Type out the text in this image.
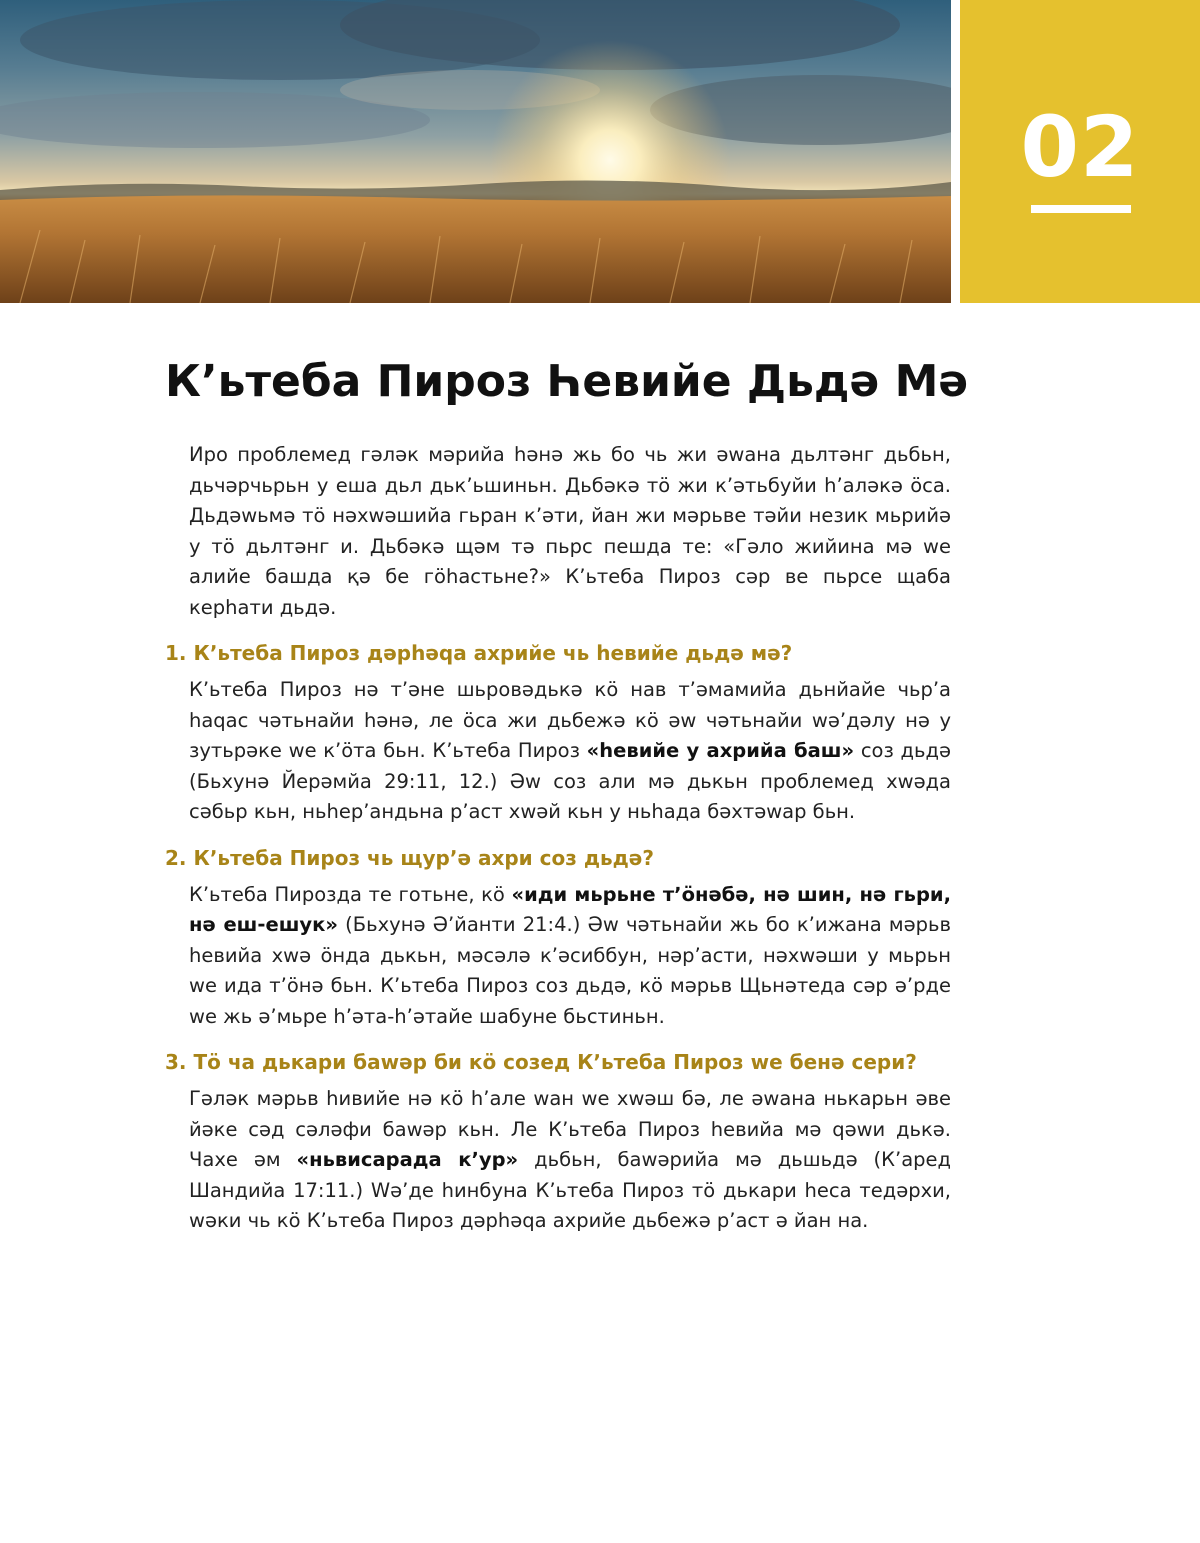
02
Кʼьтеба Пироз Һевийе Дьдә Мә

Иро проблемед гәләк мәрийа һәнә жь бо чь жи әwана дьлтәнг дьбьн, дьчәрчьрьн у еша дьл дькʼьшиньн. Дьбәкә тӧ жи кʼәтьбуйи һʼаләкә ӧса. Дьдәwьмә тӧ нәхwәшийа гьран кʼәти, йан жи мәрьве тәйи незик мьрийә у тӧ дьлтәнг и. Дьбәкә щәм тә пьрс пешда те: «Гәло жийина мә wе алийе башда қә бе гӧһастьне?» Кʼьтеба Пироз сәр ве пьрсе щаба керһати дьдә.

1. Кʼьтеба Пироз дәрһәqа ахрийе чь һевийе дьдә мә?

Кʼьтеба Пироз нә тʼәне шьровәдькә кӧ нав тʼәмамийа дьнйайе чьрʼа һаqас чәтьнайи һәнә, ле ӧса жи дьбежә кӧ әw чәтьнайи wәʼдәлу нә у зутьрәке wе кʼӧта бьн. Кʼьтеба Пироз «һевийе у ахрийа баш» соз дьдә (Бьхунә Йерәмйа 29:11, 12.) Әw соз али мә дькьн проблемед хwәда сәбьр кьн, ньһерʼандьна рʼаст хwәй кьн у ньһада бәхтәwар бьн.

2. Кʼьтеба Пироз чь щурʼә ахри соз дьдә?

Кʼьтеба Пирозда те готьне, кӧ «иди мьрьне тʼӧнәбә, нә шин, нә гьри, нә еш-ешук» (Бьхунә Әʼйанти 21:4.) Әw чәтьнайи жь бо кʼижана мәрьв һевийа хwә ӧнда дькьн, мәсәлә кʼәсиббун, нәрʼасти, нәхwәши у мьрьн wе ида тʼӧнә бьн. Кʼьтеба Пироз соз дьдә, кӧ мәрьв Щьнәтеда сәр әʼрде wе жь әʼмьре һʼәта-һʼәтайе шабуне бьстиньн.

3. Тӧ ча дькари бawәр би кӧ созед Кʼьтеба Пироз wе бенә сери?

Гәләк мәрьв һивийе нә кӧ һʼале wан wе хwәш бә, ле әwана нькарьн әве йәке сәд сәләфи бawәр кьн. Ле Кʼьтеба Пироз һевийа мә qәwи дькә. Чахе әм «ньвисарада кʼур» дьбьн, бawәрийа мә дьшьдә (Кʼаред Шандийа 17:11.) Wәʼде һинбуна Кʼьтеба Пироз тӧ дькари һеса тедәрхи, wәки чь кӧ Кʼьтеба Пироз дәрһәqа ахрийе дьбежә рʼаст ә йан на.
